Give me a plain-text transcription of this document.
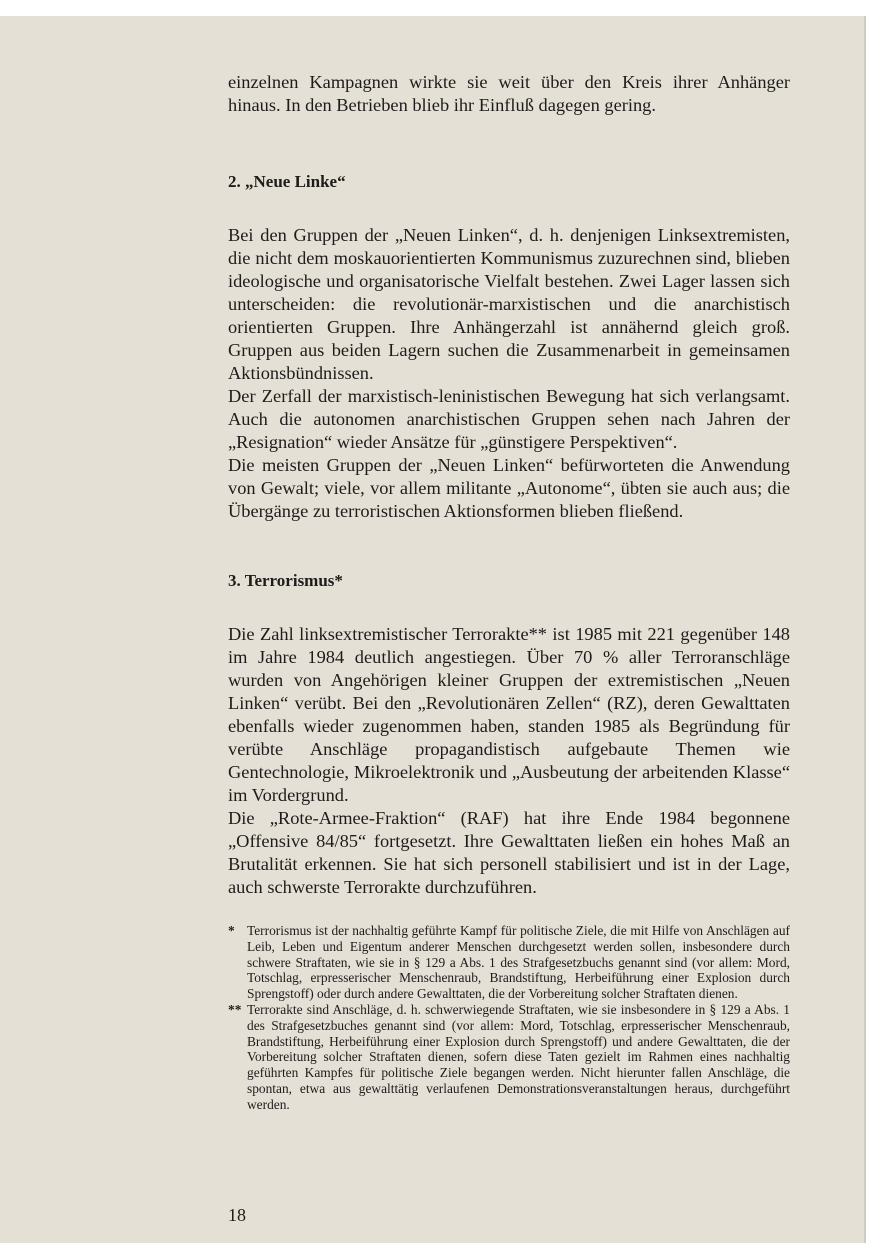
einzelnen Kampagnen wirkte sie weit über den Kreis ihrer Anhänger hinaus. In den Betrieben blieb ihr Einfluß dagegen gering.

2. „Neue Linke“

Bei den Gruppen der „Neuen Linken“, d. h. denjenigen Linksextremisten, die nicht dem moskauorientierten Kommunismus zuzurechnen sind, blieben ideologische und organisatorische Vielfalt bestehen. Zwei Lager lassen sich unterscheiden: die revolutionär-marxistischen und die anarchistisch orientierten Gruppen. Ihre Anhängerzahl ist annähernd gleich groß. Gruppen aus beiden Lagern suchen die Zusammenarbeit in gemeinsamen Aktionsbündnissen.

Der Zerfall der marxistisch-leninistischen Bewegung hat sich verlangsamt. Auch die autonomen anarchistischen Gruppen sehen nach Jahren der „Resignation“ wieder Ansätze für „günstigere Perspektiven“.

Die meisten Gruppen der „Neuen Linken“ befürworteten die Anwendung von Gewalt; viele, vor allem militante „Autonome“, übten sie auch aus; die Übergänge zu terroristischen Aktionsformen blieben fließend.

3. Terrorismus*

Die Zahl linksextremistischer Terrorakte** ist 1985 mit 221 gegenüber 148 im Jahre 1984 deutlich angestiegen. Über 70 % aller Terroranschläge wurden von Angehörigen kleiner Gruppen der extremistischen „Neuen Linken“ verübt. Bei den „Revolutionären Zellen“ (RZ), deren Gewalttaten ebenfalls wieder zugenommen haben, standen 1985 als Begründung für verübte Anschläge propagandistisch aufgebaute Themen wie Gentechnologie, Mikroelektronik und „Ausbeutung der arbeitenden Klasse“ im Vordergrund.

Die „Rote-Armee-Fraktion“ (RAF) hat ihre Ende 1984 begonnene „Offensive 84/85“ fortgesetzt. Ihre Gewalttaten ließen ein hohes Maß an Brutalität erkennen. Sie hat sich personell stabilisiert und ist in der Lage, auch schwerste Terrorakte durchzuführen.

* Terrorismus ist der nachhaltig geführte Kampf für politische Ziele, die mit Hilfe von Anschlägen auf Leib, Leben und Eigentum anderer Menschen durchgesetzt werden sollen, insbesondere durch schwere Straftaten, wie sie in § 129 a Abs. 1 des Strafgesetzbuchs genannt sind (vor allem: Mord, Totschlag, erpresserischer Menschenraub, Brandstiftung, Herbeiführung einer Explosion durch Sprengstoff) oder durch andere Gewalttaten, die der Vorbereitung solcher Straftaten dienen.

** Terrorakte sind Anschläge, d. h. schwerwiegende Straftaten, wie sie insbesondere in § 129 a Abs. 1 des Strafgesetzbuches genannt sind (vor allem: Mord, Totschlag, erpresserischer Menschenraub, Brandstiftung, Herbeiführung einer Explosion durch Sprengstoff) und andere Gewalttaten, die der Vorbereitung solcher Straftaten dienen, sofern diese Taten gezielt im Rahmen eines nachhaltig geführten Kampfes für politische Ziele begangen werden. Nicht hierunter fallen Anschläge, die spontan, etwa aus gewalttätig verlaufenen Demonstrationsveranstaltungen heraus, durchgeführt werden.

18
